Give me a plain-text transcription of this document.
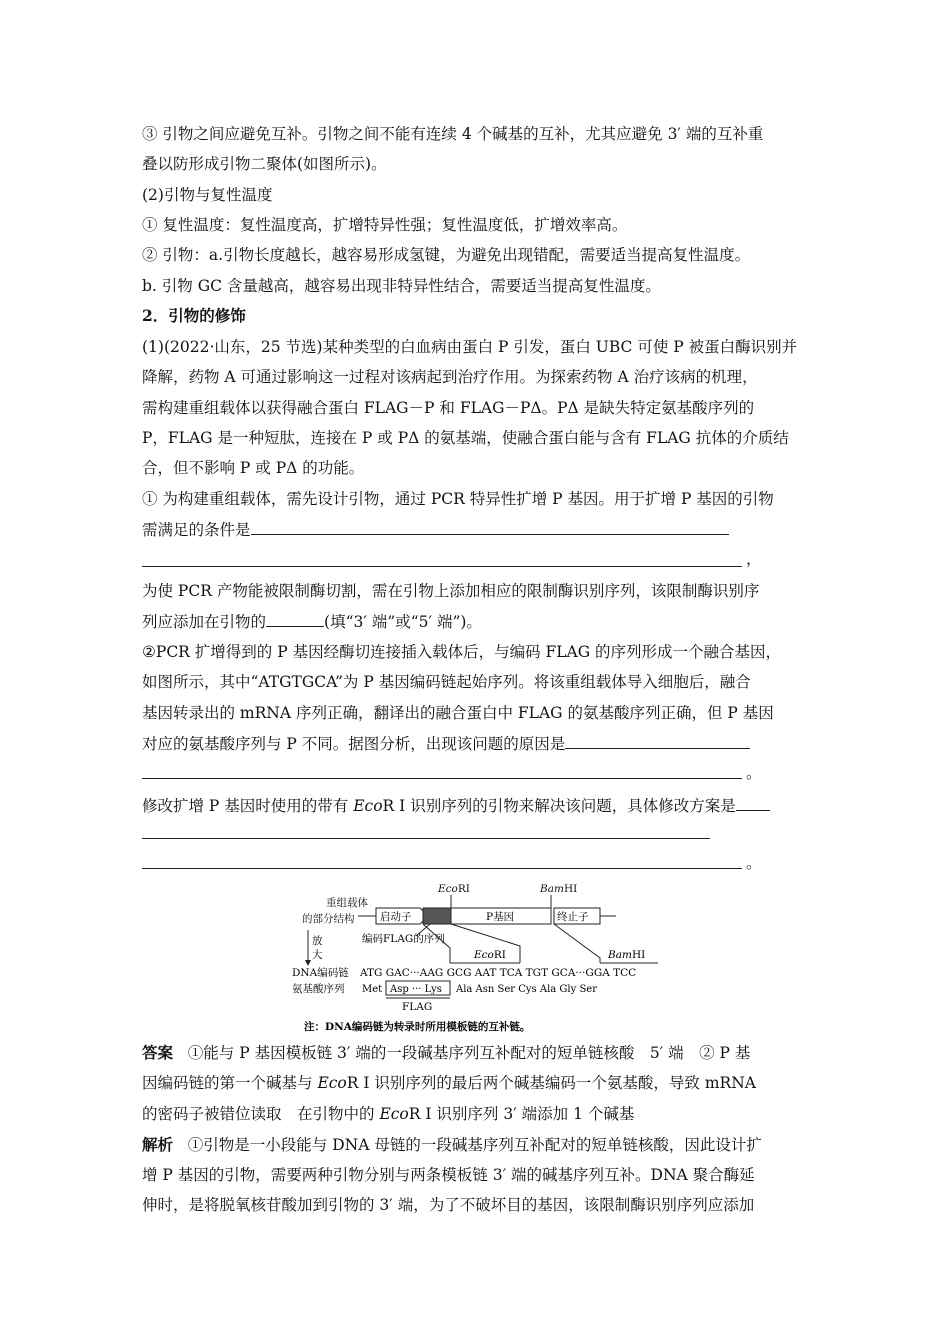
③ 引物之间应避免互补。引物之间不能有连续 4 个碱基的互补，尤其应避免 3′ 端的互补重
叠以防形成引物二聚体(如图所示)。
(2)引物与复性温度
① 复性温度：复性温度高，扩增特异性强；复性温度低，扩增效率高。
② 引物：a.引物长度越长，越容易形成氢键，为避免出现错配，需要适当提高复性温度。
b. 引物 GC 含量越高，越容易出现非特异性结合，需要适当提高复性温度。
2．引物的修饰
(1)(2022·山东，25 节选)某种类型的白血病由蛋白 P 引发，蛋白 UBC 可使 P 被蛋白酶识别并
降解，药物 A 可通过影响这一过程对该病起到治疗作用。为探索药物 A 治疗该病的机理，
需构建重组载体以获得融合蛋白 FLAG－P 和 FLAG－PΔ。PΔ 是缺失特定氨基酸序列的
P，FLAG 是一种短肽，连接在 P 或 PΔ 的氨基端，使融合蛋白能与含有 FLAG 抗体的介质结
合，但不影响 P 或 PΔ 的功能。
① 为构建重组载体，需先设计引物，通过 PCR 特异性扩增 P 基因。用于扩增 P 基因的引物
需满足的条件是
，
为使 PCR 产物能被限制酶切割，需在引物上添加相应的限制酶识别序列，该限制酶识别序
列应添加在引物的	(填“3′ 端”或“5′ 端”)。
②PCR 扩增得到的 P 基因经酶切连接插入载体后，与编码 FLAG 的序列形成一个融合基因，
如图所示，其中“ATGTGCA”为 P 基因编码链起始序列。将该重组载体导入细胞后，融合
基因转录出的 mRNA 序列正确，翻译出的融合蛋白中 FLAG 的氨基酸序列正确，但 P 基因
对应的氨基酸序列与 P 不同。据图分析，出现该问题的原因是
。
修改扩增 P 基因时使用的带有 EcoR Ⅰ 识别序列的引物来解决该问题，具体修改方案是
。
重组载体
的部分结构
EcoRⅠ	BamHⅠ
启动子	P基因	终止子
编码FLAG的序列
放
大	EcoRⅠ	BamHⅠ
DNA编码链 ATG GAC···AAG GCG AAT TCA TGT GCA···GGA TCC
氨基酸序列 Met Asp ··· Lys Ala Asn Ser Cys Ala Gly Ser
FLAG
注：DNA编码链为转录时所用模板链的互补链。
答案 ①能与 P 基因模板链 3′ 端的一段碱基序列互补配对的短单链核酸　5′ 端　② P 基
因编码链的第一个碱基与 EcoR Ⅰ 识别序列的最后两个碱基编码一个氨基酸，导致 mRNA
的密码子被错位读取　在引物中的 EcoR Ⅰ 识别序列 3′ 端添加 1 个碱基
解析 ①引物是一小段能与 DNA 母链的一段碱基序列互补配对的短单链核酸，因此设计扩
增 P 基因的引物，需要两种引物分别与两条模板链 3′ 端的碱基序列互补。DNA 聚合酶延
伸时，是将脱氧核苷酸加到引物的 3′ 端，为了不破坏目的基因，该限制酶识别序列应添加
